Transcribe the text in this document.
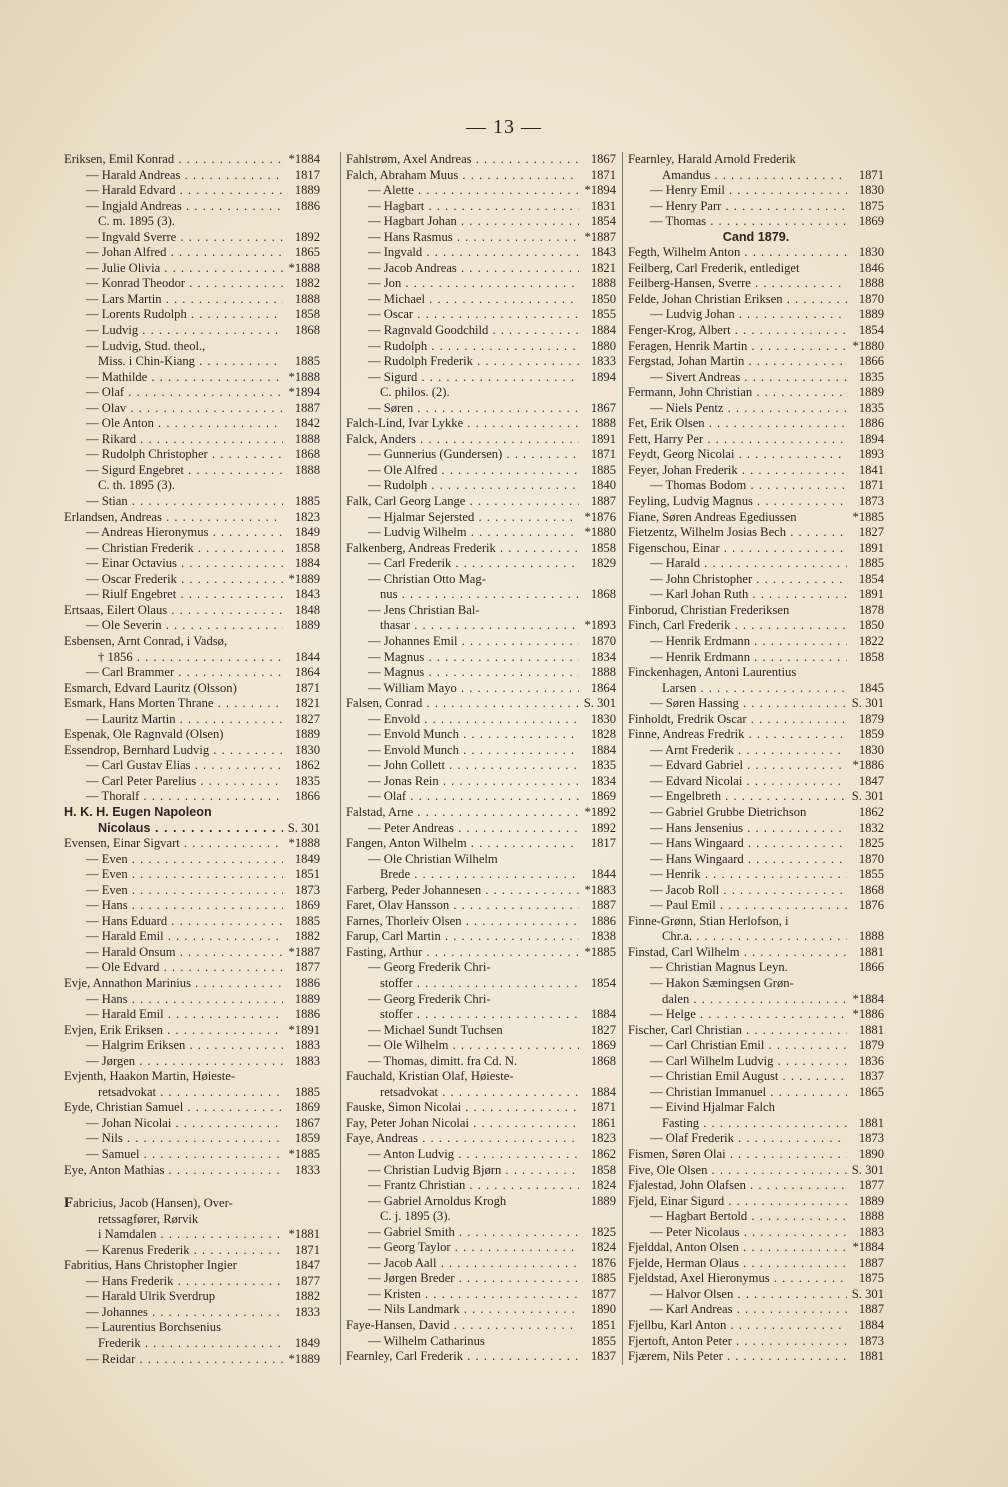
— 13 —
Eriksen, Emil Konrad . . .	*1884
— Harald Andreas . . .	1817
— Harald Edvard . . .	1889
— Ingjald Andreas . . .	1886
C. m. 1895 (3).
— Ingvald Sverre . . .	1892
— Johan Alfred . . .	1865
— Julie Olivia . . .	*1888
— Konrad Theodor . . .	1882
— Lars Martin . . .	1888
— Lorents Rudolph . . .	1858
— Ludvig . . .	1868
— Ludvig, Stud. theol.,
Miss. i Chin-Kiang . . .	1885
— Mathilde . . .	*1888
— Olaf . . .	*1894
— Olav . . .	1887
— Ole Anton . . .	1842
— Rikard . . .	1888
— Rudolph Christopher . . .	1868
— Sigurd Engebret . . .	1888
C. th. 1895 (3).
— Stian . . .	1885
Erlandsen, Andreas . . .	1823
— Andreas Hieronymus . . .	1849
— Christian Frederik . . .	1858
— Einar Octavius . . .	1884
— Oscar Frederik . . .	*1889
— Riulf Engebret . . .	1843
Ertsaas, Eilert Olaus . . .	1848
— Ole Severin . . .	1889
Esbensen, Arnt Conrad, i Vadsø,
† 1856 . . .	1844
— Carl Brammer . . .	1864
Esmarch, Edvard Lauritz (Olsson)	1871
Esmark, Hans Morten Thrane . . .	1821
— Lauritz Martin . . .	1827
Espenak, Ole Ragnvald (Olsen)	1889
Essendrop, Bernhard Ludvig . . .	1830
— Carl Gustav Elias . . .	1862
— Carl Peter Parelius . . .	1835
— Thoralf . . .	1866
H. K. H. Eugen Napoleon
Nicolaus . . .	S. 301
Evensen, Einar Sigvart . . .	*1888
— Even . . .	1849
— Even . . .	1851
— Even . . .	1873
— Hans . . .	1869
— Hans Eduard . . .	1885
— Harald Emil . . .	1882
— Harald Onsum . . .	*1887
— Ole Edvard . . .	1877
Evje, Annathon Marinius . . .	1886
— Hans . . .	1889
— Harald Emil . . .	1886
Evjen, Erik Eriksen . . .	*1891
— Halgrim Eriksen . . .	1883
— Jørgen . . .	1883
Evjenth, Haakon Martin, Høieste-
retsadvokat . . .	1885
Eyde, Christian Samuel . . .	1869
— Johan Nicolai . . .	1867
— Nils . . .	1859
— Samuel . . .	*1885
Eye, Anton Mathias . . .	1833
Fabricius, Jacob (Hansen), Over-
retssagfører, Rørvik
i Namdalen . . .	*1881
— Karenus Frederik . . .	1871
Fabritius, Hans Christopher Ingier	1847
— Hans Frederik . . .	1877
— Harald Ulrik Sverdrup	1882
— Johannes . . .	1833
— Laurentius Borchsenius
Frederik . . .	1849
— Reidar . . .	*1889
Fahlstrøm, Axel Andreas . . .	1867
Falch, Abraham Muus . . .	1871
— Alette . . .	*1894
— Hagbart . . .	1831
— Hagbart Johan . . .	1854
— Hans Rasmus . . .	*1887
— Ingvald . . .	1843
— Jacob Andreas . . .	1821
— Jon . . .	1888
— Michael . . .	1850
— Oscar . . .	1855
— Ragnvald Goodchild . . .	1884
— Rudolph . . .	1880
— Rudolph Frederik . . .	1833
— Sigurd . . .	1894
C. philos. (2).
— Søren . . .	1867
Falch-Lind, Ivar Lykke . . .	1888
Falck, Anders . . .	1891
— Gunnerius (Gundersen) . . .	1871
— Ole Alfred . . .	1885
— Rudolph . . .	1840
Falk, Carl Georg Lange . . .	1887
— Hjalmar Sejersted . . .	*1876
— Ludvig Wilhelm . . .	*1880
Falkenberg, Andreas Frederik . . .	1858
— Carl Frederik . . .	1829
— Christian Otto Mag-
nus . . .	1868
— Jens Christian Bal-
thasar . . .	*1893
— Johannes Emil . . .	1870
— Magnus . . .	1834
— Magnus . . .	1888
— William Mayo . . .	1864
Falsen, Conrad . . .	S. 301
— Envold . . .	1830
— Envold Munch . . .	1828
— Envold Munch . . .	1884
— John Collett . . .	1835
— Jonas Rein . . .	1834
— Olaf . . .	1869
Falstad, Arne . . .	*1892
— Peter Andreas . . .	1892
Fangen, Anton Wilhelm . . .	1817
— Ole Christian Wilhelm
Brede . . .	1844
Farberg, Peder Johannesen . . .	*1883
Faret, Olav Hansson . . .	1887
Farnes, Thorleiv Olsen . . .	1886
Farup, Carl Martin . . .	1838
Fasting, Arthur . . .	*1885
— Georg Frederik Chri-
stoffer . . .	1854
— Georg Frederik Chri-
stoffer . . .	1884
— Michael Sundt Tuchsen	1827
— Ole Wilhelm . . .	1869
— Thomas, dimitt. fra Cd. N.	1868
Fauchald, Kristian Olaf, Høieste-
retsadvokat . . .	1884
Fauske, Simon Nicolai . . .	1871
Fay, Peter Johan Nicolai . . .	1861
Faye, Andreas . . .	1823
— Anton Ludvig . . .	1862
— Christian Ludvig Bjørn . . .	1858
— Frantz Christian . . .	1824
— Gabriel Arnoldus Krogh	1889
C. j. 1895 (3).
— Gabriel Smith . . .	1825
— Georg Taylor . . .	1824
— Jacob Aall . . .	1876
— Jørgen Breder . . .	1885
— Kristen . . .	1877
— Nils Landmark . . .	1890
Faye-Hansen, David . . .	1851
— Wilhelm Catharinus	1855
Fearnley, Carl Frederik . . .	1837
Fearnley, Harald Arnold Frederik
Amandus . . .	1871
— Henry Emil . . .	1830
— Henry Parr . . .	1875
— Thomas . . .	1869
Cand 1879.
Fegth, Wilhelm Anton . . .	1830
Feilberg, Carl Frederik, entlediget	1846
Feilberg-Hansen, Sverre . . .	1888
Felde, Johan Christian Eriksen . . .	1870
— Ludvig Johan . . .	1889
Fenger-Krog, Albert . . .	1854
Feragen, Henrik Martin . . .	*1880
Fergstad, Johan Martin . . .	1866
— Sivert Andreas . . .	1835
Fermann, John Christian . . .	1889
— Niels Pentz . . .	1835
Fet, Erik Olsen . . .	1886
Fett, Harry Per . . .	1894
Feydt, Georg Nicolai . . .	1893
Feyer, Johan Frederik . . .	1841
— Thomas Bodom . . .	1871
Feyling, Ludvig Magnus . . .	1873
Fiane, Søren Andreas Egediussen	*1885
Fietzentz, Wilhelm Josias Bech . . .	1827
Figenschou, Einar . . .	1891
— Harald . . .	1885
— John Christopher . . .	1854
— Karl Johan Ruth . . .	1891
Finborud, Christian Frederiksen	1878
Finch, Carl Frederik . . .	1850
— Henrik Erdmann . . .	1822
— Henrik Erdmann . . .	1858
Finckenhagen, Antoni Laurentius
Larsen . . .	1845
— Søren Hassing . . .	S. 301
Finholdt, Fredrik Oscar . . .	1879
Finne, Andreas Fredrik . . .	1859
— Arnt Frederik . . .	1830
— Edvard Gabriel . . .	*1886
— Edvard Nicolai . . .	1847
— Engelbreth . . .	S. 301
— Gabriel Grubbe Dietrichson	1862
— Hans Jensenius . . .	1832
— Hans Wingaard . . .	1825
— Hans Wingaard . . .	1870
— Henrik . . .	1855
— Jacob Roll . . .	1868
— Paul Emil . . .	1876
Finne-Grønn, Stian Herlofson, i
Chr.a. . . .	1888
Finstad, Carl Wilhelm . . .	1881
— Christian Magnus Leyn.	1866
— Hakon Sæmingsen Grøn-
dalen . . .	*1884
— Helge . . .	*1886
Fischer, Carl Christian . . .	1881
— Carl Christian Emil . . .	1879
— Carl Wilhelm Ludvig . . .	1836
— Christian Emil August . . .	1837
— Christian Immanuel . . .	1865
— Eivind Hjalmar Falch
Fasting . . .	1881
— Olaf Frederik . . .	1873
Fismen, Søren Olai . . .	1890
Five, Ole Olsen . . .	S. 301
Fjalestad, John Olafsen . . .	1877
Fjeld, Einar Sigurd . . .	1889
— Hagbart Bertold . . .	1888
— Peter Nicolaus . . .	1883
Fjelddal, Anton Olsen . . .	*1884
Fjelde, Herman Olaus . . .	1887
Fjeldstad, Axel Hieronymus . . .	1875
— Halvor Olsen . . .	S. 301
— Karl Andreas . . .	1887
Fjellbu, Karl Anton . . .	1884
Fjertoft, Anton Peter . . .	1873
Fjærem, Nils Peter . . .	1881
